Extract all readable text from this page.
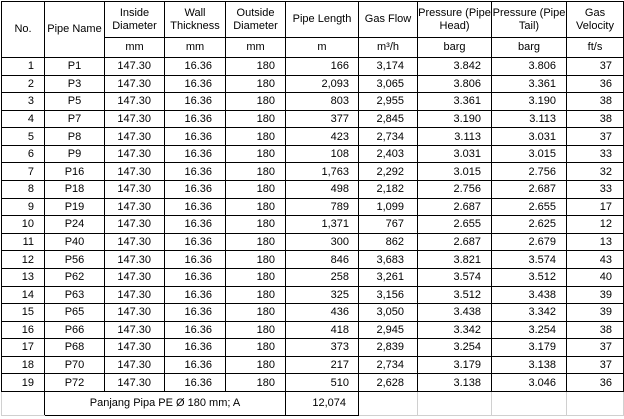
No.	Pipe Name	Inside Diameter	Wall Thickness	Outside Diameter	Pipe Length	Gas Flow	Pressure (Pipe Head)	Pressure (Pipe Tail)	Gas Velocity
		mm	mm	mm	m	m³/h	barg	barg	ft/s
1	P1	147.30	16.36	180	166	3,174	3.842	3.806	37
2	P3	147.30	16.36	180	2,093	3,065	3.806	3.361	36
3	P5	147.30	16.36	180	803	2,955	3.361	3.190	38
4	P7	147.30	16.36	180	377	2,845	3.190	3.113	38
5	P8	147.30	16.36	180	423	2,734	3.113	3.031	37
6	P9	147.30	16.36	180	108	2,403	3.031	3.015	33
7	P16	147.30	16.36	180	1,763	2,292	3.015	2.756	32
8	P18	147.30	16.36	180	498	2,182	2.756	2.687	33
9	P19	147.30	16.36	180	789	1,099	2.687	2.655	17
10	P24	147.30	16.36	180	1,371	767	2.655	2.625	12
11	P40	147.30	16.36	180	300	862	2.687	2.679	13
12	P56	147.30	16.36	180	846	3,683	3.821	3.574	43
13	P62	147.30	16.36	180	258	3,261	3.574	3.512	40
14	P63	147.30	16.36	180	325	3,156	3.512	3.438	39
15	P65	147.30	16.36	180	436	3,050	3.438	3.342	39
16	P66	147.30	16.36	180	418	2,945	3.342	3.254	38
17	P68	147.30	16.36	180	373	2,839	3.254	3.179	37
18	P70	147.30	16.36	180	217	2,734	3.179	3.138	37
19	P72	147.30	16.36	180	510	2,628	3.138	3.046	36
	Panjang Pipa PE Ø 180 mm; A				12,074				
